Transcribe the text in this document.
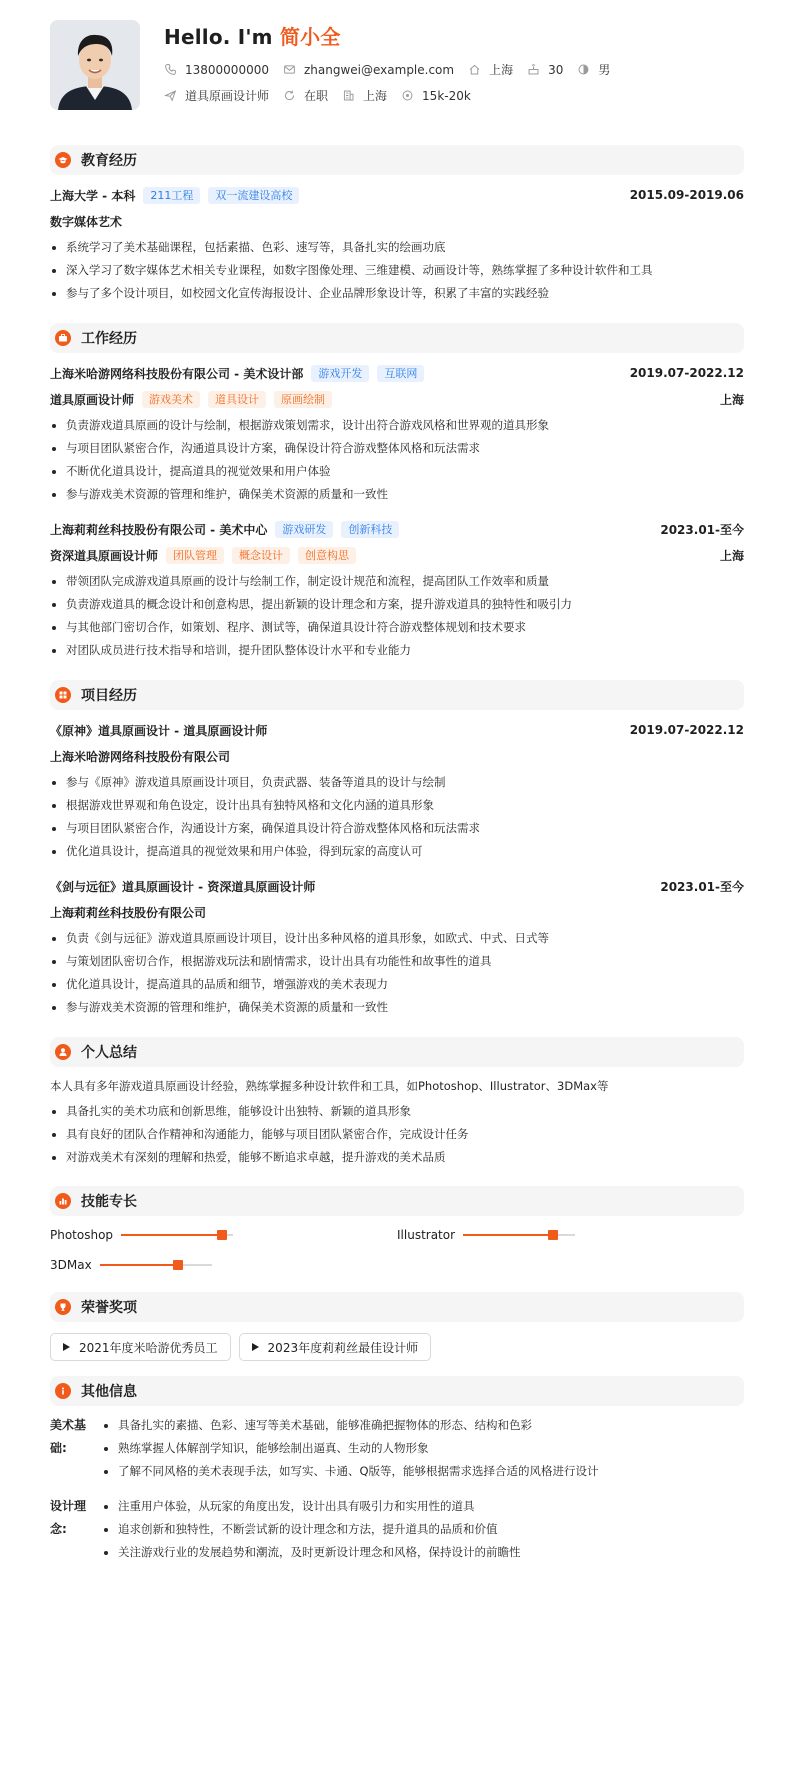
Hello. I'm 简小全
13800000000	zhangwei@example.com	上海	30	男
道具原画设计师	在职	上海	15k-20k
教育经历
上海大学 - 本科	211工程	双一流建设高校	2015.09-2019.06
数字媒体艺术
系统学习了美术基础课程，包括素描、色彩、速写等，具备扎实的绘画功底
深入学习了数字媒体艺术相关专业课程，如数字图像处理、三维建模、动画设计等，熟练掌握了多种设计软件和工具
参与了多个设计项目，如校园文化宣传海报设计、企业品牌形象设计等，积累了丰富的实践经验
工作经历
上海米哈游网络科技股份有限公司 - 美术设计部	游戏开发	互联网	2019.07-2022.12
道具原画设计师	游戏美术	道具设计	原画绘制	上海
负责游戏道具原画的设计与绘制，根据游戏策划需求，设计出符合游戏风格和世界观的道具形象
与项目团队紧密合作，沟通道具设计方案，确保设计符合游戏整体风格和玩法需求
不断优化道具设计，提高道具的视觉效果和用户体验
参与游戏美术资源的管理和维护，确保美术资源的质量和一致性
上海莉莉丝科技股份有限公司 - 美术中心	游戏研发	创新科技	2023.01-至今
资深道具原画设计师	团队管理	概念设计	创意构思	上海
带领团队完成游戏道具原画的设计与绘制工作，制定设计规范和流程，提高团队工作效率和质量
负责游戏道具的概念设计和创意构思，提出新颖的设计理念和方案，提升游戏道具的独特性和吸引力
与其他部门密切合作，如策划、程序、测试等，确保道具设计符合游戏整体规划和技术要求
对团队成员进行技术指导和培训，提升团队整体设计水平和专业能力
项目经历
《原神》道具原画设计 - 道具原画设计师	2019.07-2022.12
上海米哈游网络科技股份有限公司
参与《原神》游戏道具原画设计项目，负责武器、装备等道具的设计与绘制
根据游戏世界观和角色设定，设计出具有独特风格和文化内涵的道具形象
与项目团队紧密合作，沟通设计方案，确保道具设计符合游戏整体风格和玩法需求
优化道具设计，提高道具的视觉效果和用户体验，得到玩家的高度认可
《剑与远征》道具原画设计 - 资深道具原画设计师	2023.01-至今
上海莉莉丝科技股份有限公司
负责《剑与远征》游戏道具原画设计项目，设计出多种风格的道具形象，如欧式、中式、日式等
与策划团队密切合作，根据游戏玩法和剧情需求，设计出具有功能性和故事性的道具
优化道具设计，提高道具的品质和细节，增强游戏的美术表现力
参与游戏美术资源的管理和维护，确保美术资源的质量和一致性
个人总结
本人具有多年游戏道具原画设计经验，熟练掌握多种设计软件和工具，如Photoshop、Illustrator、3DMax等
具备扎实的美术功底和创新思维，能够设计出独特、新颖的道具形象
具有良好的团队合作精神和沟通能力，能够与项目团队紧密合作，完成设计任务
对游戏美术有深刻的理解和热爱，能够不断追求卓越，提升游戏的美术品质
技能专长
Photoshop	Illustrator
3DMax
荣誉奖项
2021年度米哈游优秀员工	2023年度莉莉丝最佳设计师
其他信息
美术基础:
具备扎实的素描、色彩、速写等美术基础，能够准确把握物体的形态、结构和色彩
熟练掌握人体解剖学知识，能够绘制出逼真、生动的人物形象
了解不同风格的美术表现手法，如写实、卡通、Q版等，能够根据需求选择合适的风格进行设计
设计理念:
注重用户体验，从玩家的角度出发，设计出具有吸引力和实用性的道具
追求创新和独特性，不断尝试新的设计理念和方法，提升道具的品质和价值
关注游戏行业的发展趋势和潮流，及时更新设计理念和风格，保持设计的前瞻性
